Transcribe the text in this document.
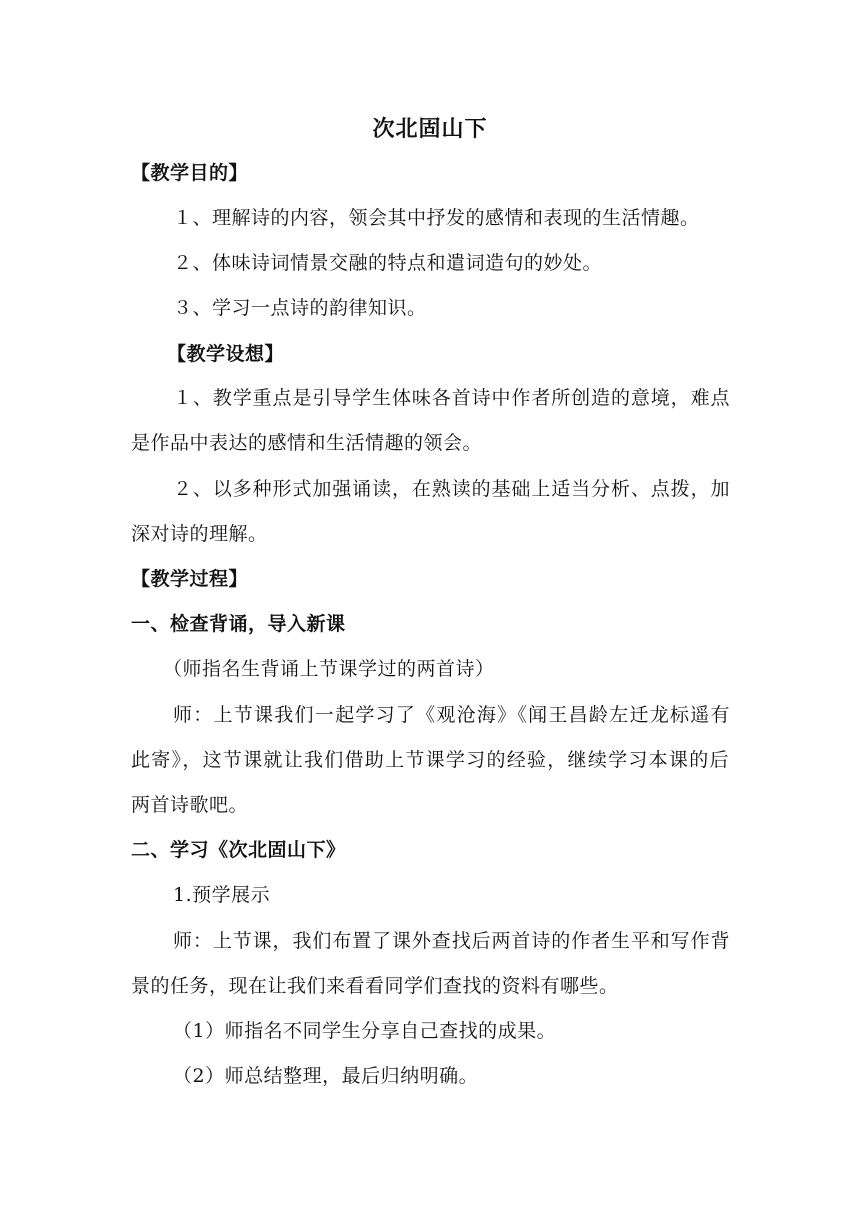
次北固山下
【教学目的】
１、理解诗的内容，领会其中抒发的感情和表现的生活情趣。
２、体味诗词情景交融的特点和遣词造句的妙处。
３、学习一点诗的韵律知识。
【教学设想】
１、教学重点是引导学生体味各首诗中作者所创造的意境，难点
是作品中表达的感情和生活情趣的领会。
２、以多种形式加强诵读，在熟读的基础上适当分析、点拨，加
深对诗的理解。
【教学过程】
一、检查背诵，导入新课
（师指名生背诵上节课学过的两首诗）
师：上节课我们一起学习了《观沧海》《闻王昌龄左迁龙标遥有
此寄》，这节课就让我们借助上节课学习的经验，继续学习本课的后
两首诗歌吧。
二、学习《次北固山下》
1.预学展示
师：上节课，我们布置了课外查找后两首诗的作者生平和写作背
景的任务，现在让我们来看看同学们查找的资料有哪些。
（1）师指名不同学生分享自己查找的成果。
（2）师总结整理，最后归纳明确。
